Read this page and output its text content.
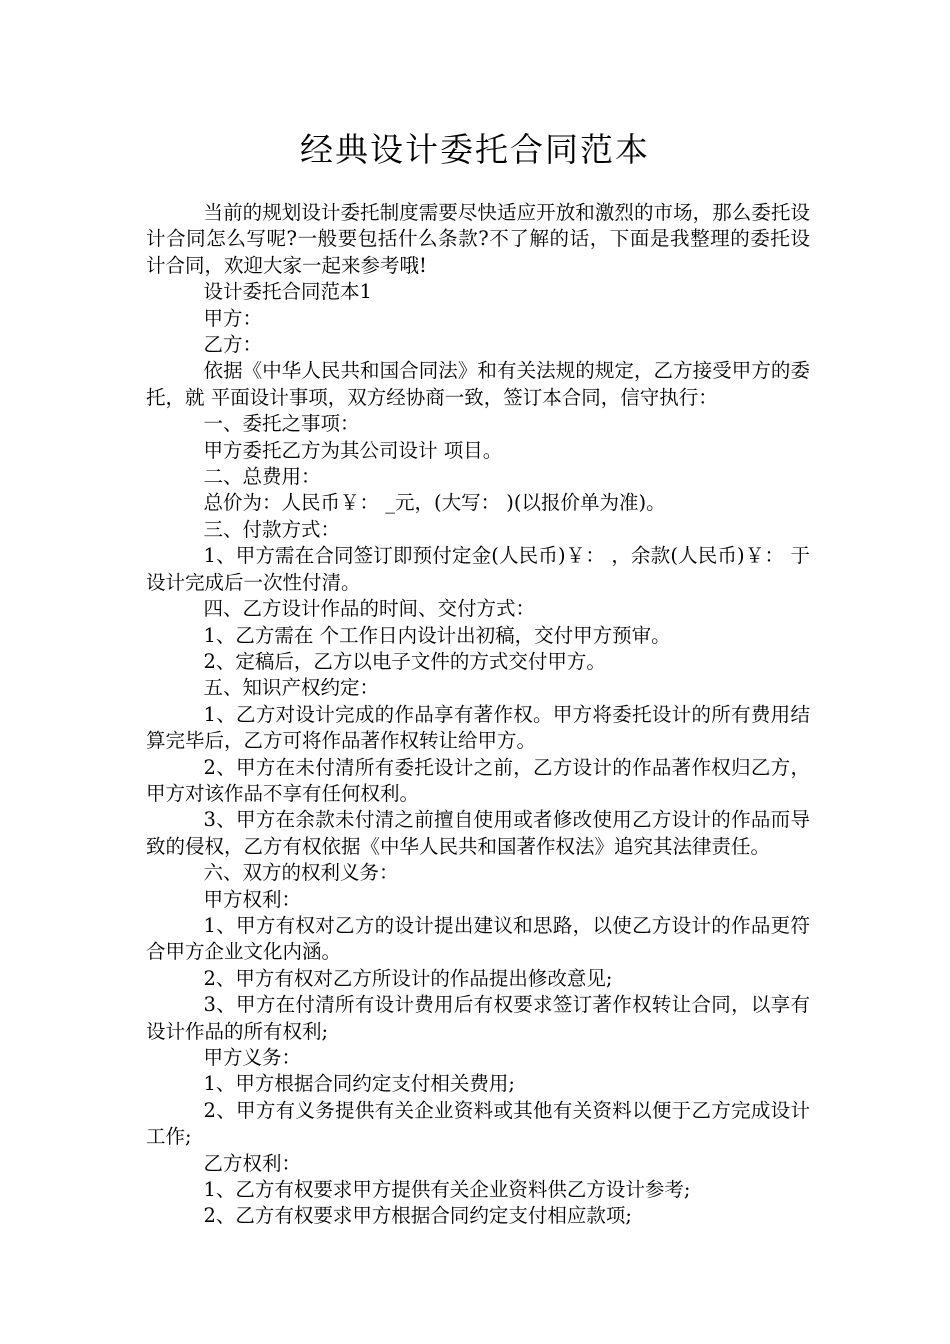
经典设计委托合同范本

当前的规划设计委托制度需要尽快适应开放和激烈的市场，那么委托设计合同怎么写呢?一般要包括什么条款?不了解的话，下面是我整理的委托设计合同，欢迎大家一起来参考哦!

设计委托合同范本1

甲方：

乙方：

依据《中华人民共和国合同法》和有关法规的规定，乙方接受甲方的委托，就 平面设计事项，双方经协商一致，签订本合同，信守执行：

一、委托之事项：

甲方委托乙方为其公司设计 项目。

二、总费用：

总价为：人民币￥： _元，(大写： )(以报价单为准)。

三、付款方式：

1、甲方需在合同签订即预付定金(人民币)￥： ，余款(人民币)￥： 于设计完成后一次性付清。

四、乙方设计作品的时间、交付方式：

1、乙方需在 个工作日内设计出初稿，交付甲方预审。

2、定稿后，乙方以电子文件的方式交付甲方。

五、知识产权约定：

1、乙方对设计完成的作品享有著作权。甲方将委托设计的所有费用结算完毕后，乙方可将作品著作权转让给甲方。

2、甲方在未付清所有委托设计之前，乙方设计的作品著作权归乙方，甲方对该作品不享有任何权利。

3、甲方在余款未付清之前擅自使用或者修改使用乙方设计的作品而导致的侵权，乙方有权依据《中华人民共和国著作权法》追究其法律责任。

六、双方的权利义务：

甲方权利：

1、甲方有权对乙方的设计提出建议和思路，以使乙方设计的作品更符合甲方企业文化内涵。

2、甲方有权对乙方所设计的作品提出修改意见;

3、甲方在付清所有设计费用后有权要求签订著作权转让合同，以享有设计作品的所有权利;

甲方义务：

1、甲方根据合同约定支付相关费用;

2、甲方有义务提供有关企业资料或其他有关资料以便于乙方完成设计工作;

乙方权利：

1、乙方有权要求甲方提供有关企业资料供乙方设计参考;

2、乙方有权要求甲方根据合同约定支付相应款项;
